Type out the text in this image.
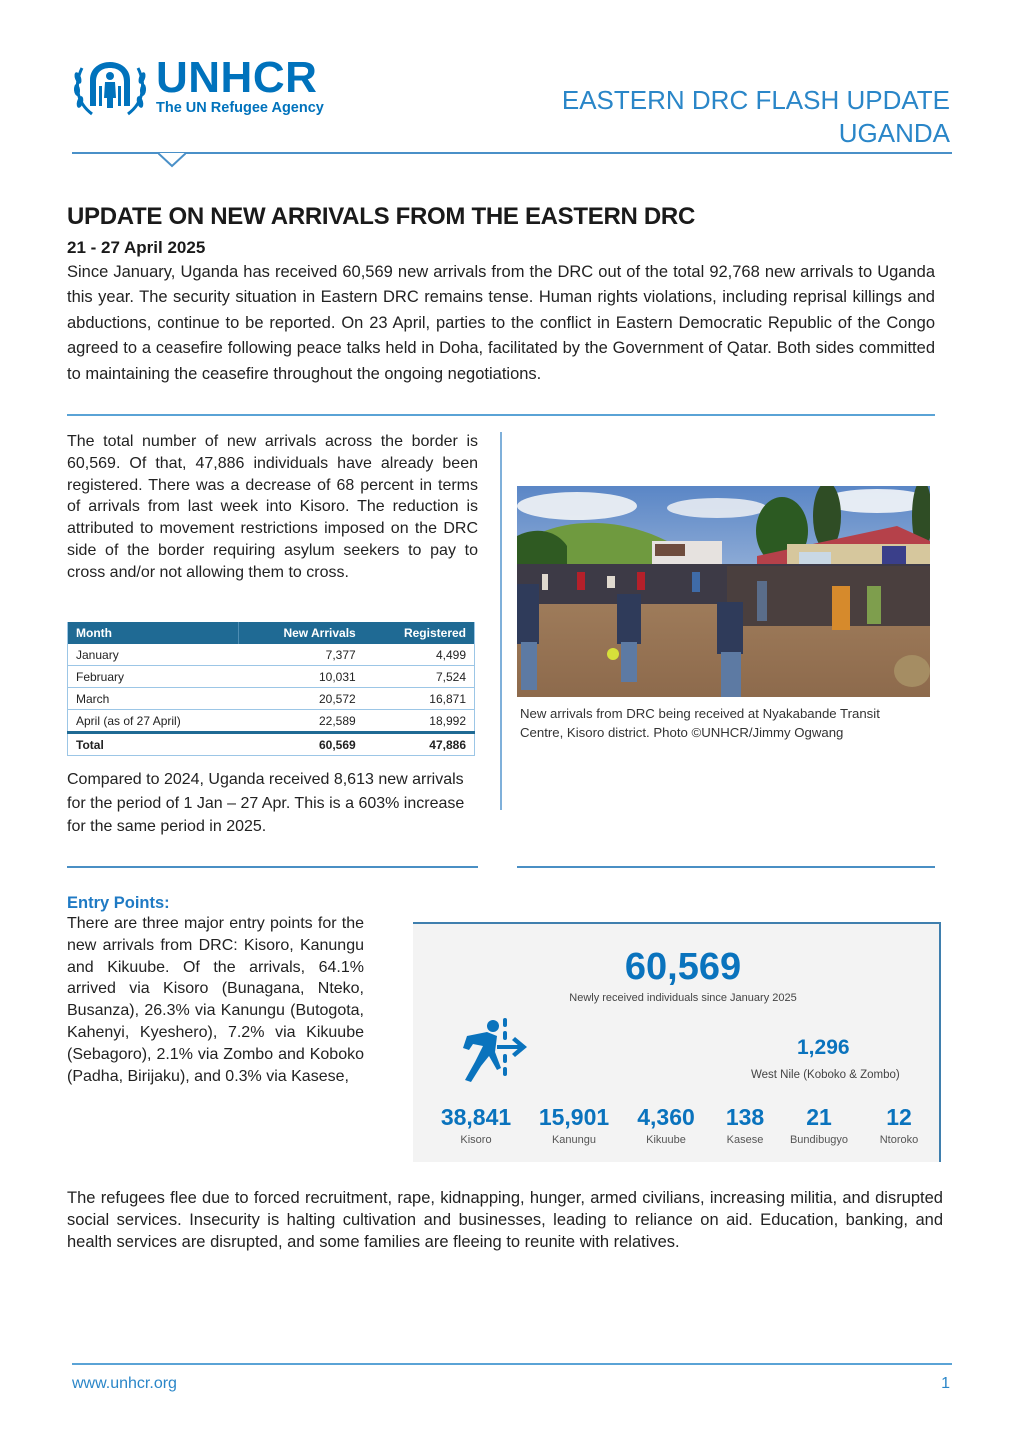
UNHCR
The UN Refugee Agency	EASTERN DRC FLASH UPDATE
UGANDA
UPDATE ON NEW ARRIVALS FROM THE EASTERN DRC
21 - 27 April 2025
Since January, Uganda has received 60,569 new arrivals from the DRC out of the total 92,768 new arrivals to Uganda this year. The security situation in Eastern DRC remains tense. Human rights violations, including reprisal killings and abductions, continue to be reported. On 23 April, parties to the conflict in Eastern Democratic Republic of the Congo agreed to a ceasefire following peace talks held in Doha, facilitated by the Government of Qatar. Both sides committed to maintaining the ceasefire throughout the ongoing negotiations.
The total number of new arrivals across the border is 60,569. Of that, 47,886 individuals have already been registered. There was a decrease of 68 percent in terms of arrivals from last week into Kisoro. The reduction is attributed to movement restrictions imposed on the DRC side of the border requiring asylum seekers to pay to cross and/or not allowing them to cross.
Month	New Arrivals	Registered
January	7,377	4,499
February	10,031	7,524
March	20,572	16,871
April (as of 27 April)	22,589	18,992
Total	60,569	47,886
Compared to 2024, Uganda received 8,613 new arrivals for the period of 1 Jan – 27 Apr. This is a 603% increase for the same period in 2025.
New arrivals from DRC being received at Nyakabande Transit Centre, Kisoro district. Photo ©UNHCR/Jimmy Ogwang
Entry Points:
There are three major entry points for the new arrivals from DRC: Kisoro, Kanungu and Kikuube. Of the arrivals, 64.1% arrived via Kisoro (Bunagana, Nteko, Busanza), 26.3% via Kanungu (Butogota, Kahenyi, Kyeshero), 7.2% via Kikuube (Sebagoro), 2.1% via Zombo and Koboko (Padha, Birijaku), and 0.3% via Kasese,
60,569
Newly received individuals since January 2025
1,296
West Nile (Koboko & Zombo)
38,841
Kisoro
15,901
Kanungu
4,360
Kikuube
138
Kasese
21
Bundibugyo
12
Ntoroko
The refugees flee due to forced recruitment, rape, kidnapping, hunger, armed civilians, increasing militia, and disrupted social services. Insecurity is halting cultivation and businesses, leading to reliance on aid. Education, banking, and health services are disrupted, and some families are fleeing to reunite with relatives.
www.unhcr.org	1
